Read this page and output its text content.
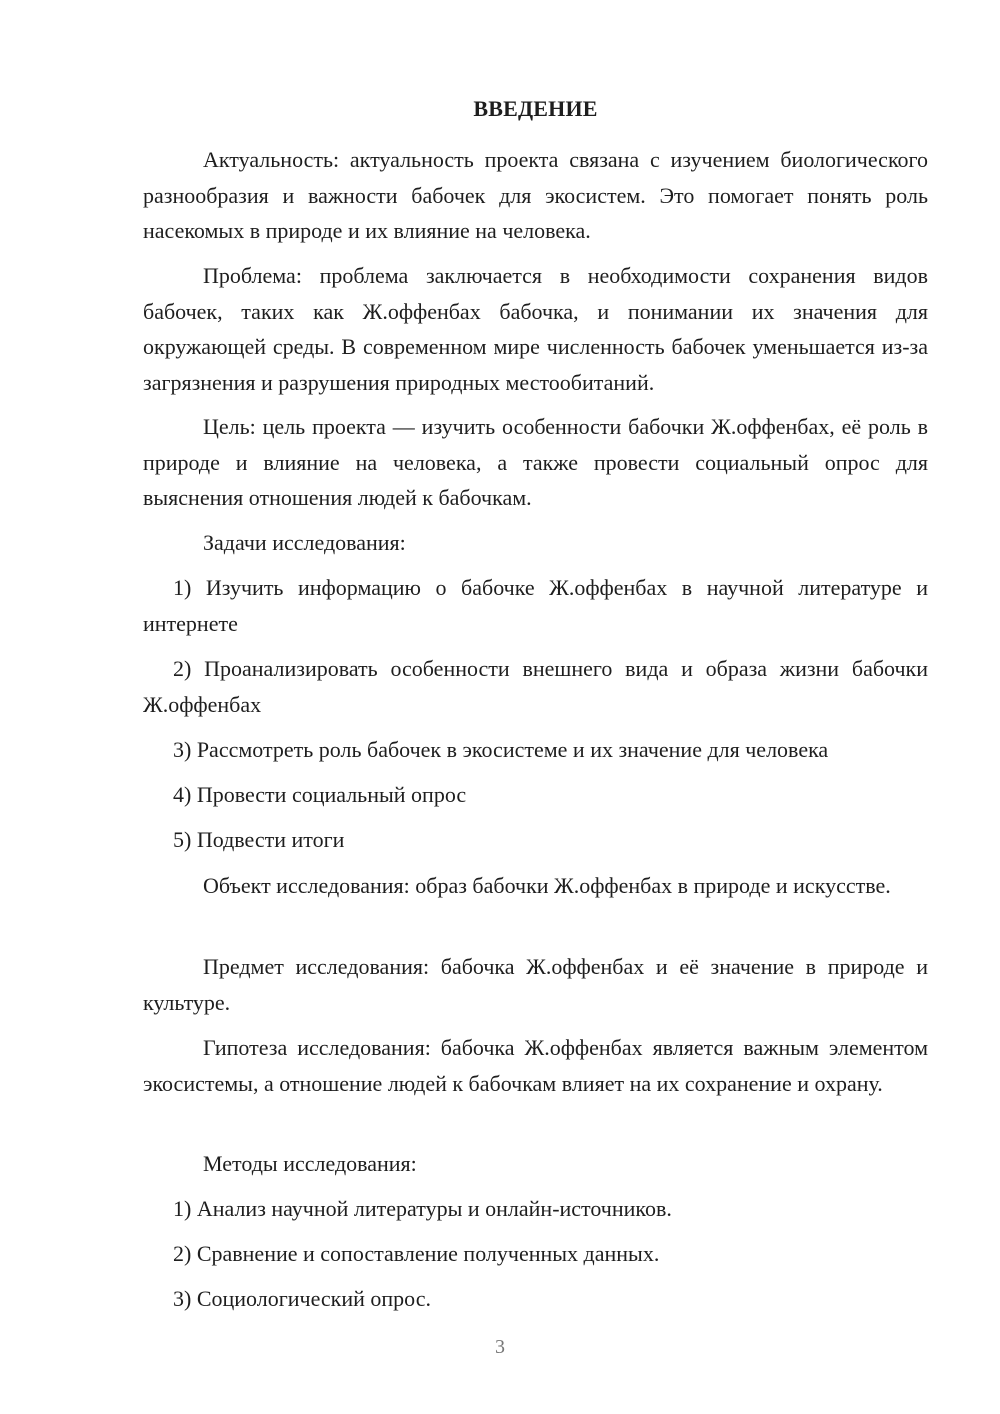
ВВЕДЕНИЕ

Актуальность: актуальность проекта связана с изучением биологического разнообразия и важности бабочек для экосистем. Это помогает понять роль насекомых в природе и их влияние на человека.

Проблема: проблема заключается в необходимости сохранения видов бабочек, таких как Ж.оффенбах бабочка, и понимании их значения для окружающей среды. В современном мире численность бабочек уменьшается из-за загрязнения и разрушения природных местообитаний.

Цель: цель проекта — изучить особенности бабочки Ж.оффенбах, её роль в природе и влияние на человека, а также провести социальный опрос для выяснения отношения людей к бабочкам.

Задачи исследования:

1) Изучить информацию о бабочке Ж.оффенбах в научной литературе и интернете

2) Проанализировать особенности внешнего вида и образа жизни бабочки Ж.оффенбах

3) Рассмотреть роль бабочек в экосистеме и их значение для человека

4) Провести социальный опрос

5) Подвести итоги

Объект исследования: образ бабочки Ж.оффенбах в природе и искусстве.

Предмет исследования: бабочка Ж.оффенбах и её значение в природе и культуре.

Гипотеза исследования: бабочка Ж.оффенбах является важным элементом экосистемы, а отношение людей к бабочкам влияет на их сохранение и охрану.

Методы исследования:

1) Анализ научной литературы и онлайн-источников.

2) Сравнение и сопоставление полученных данных.

3) Социологический опрос.

3
